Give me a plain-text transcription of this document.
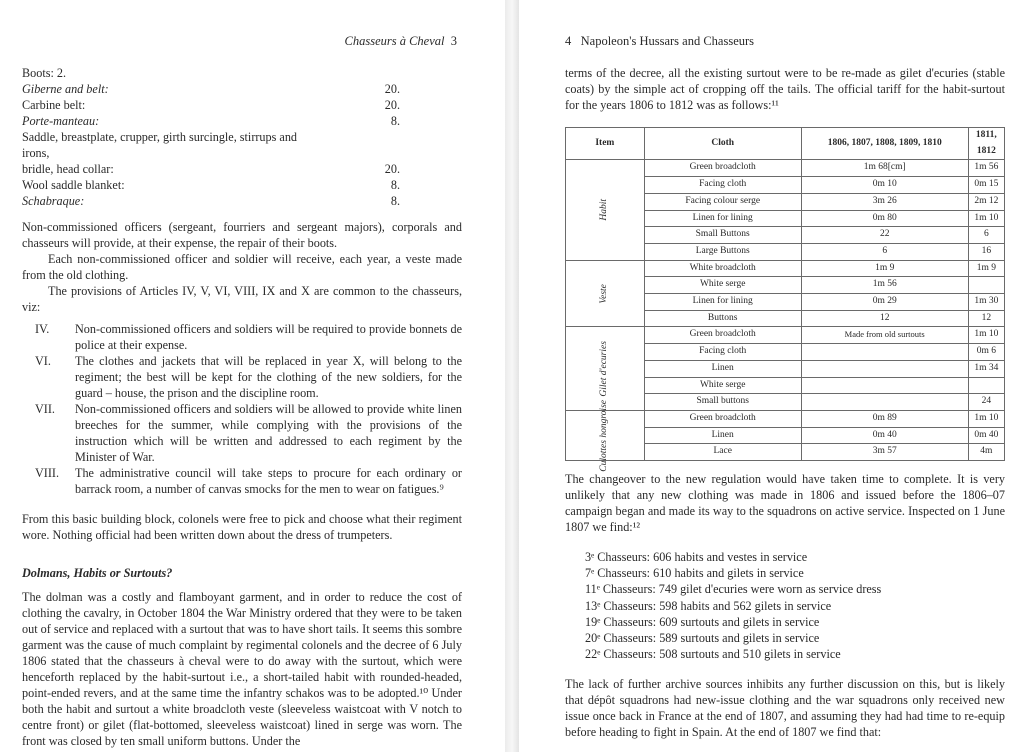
Chasseurs à Cheval 3
Boots: 2.
Giberne and belt:	20.
Carbine belt:	20.
Porte-manteau:	8.
Saddle, breastplate, crupper, girth surcingle, stirrups and irons,
bridle, head collar:	20.
Wool saddle blanket:	8.
Schabraque:	8.

Non-commissioned officers (sergeant, fourriers and sergeant majors), corporals and chasseurs will provide, at their expense, the repair of their boots.

Each non-commissioned officer and soldier will receive, each year, a veste made from the old clothing.

The provisions of Articles IV, V, VI, VIII, IX and X are common to the chasseurs, viz:

IV.	Non-commissioned officers and soldiers will be required to provide bonnets de police at their expense.
VI.	The clothes and jackets that will be replaced in year X, will belong to the regiment; the best will be kept for the clothing of the new soldiers, for the guard – house, the prison and the discipline room.
VII.	Non-commissioned officers and soldiers will be allowed to provide white linen breeches for the summer, while complying with the provisions of the instruction which will be written and addressed to each regiment by the Minister of War.
VIII.	The administrative council will take steps to procure for each ordinary or barrack room, a number of canvas smocks for the men to wear on fatigues.⁹

From this basic building block, colonels were free to pick and choose what their regiment wore. Nothing official had been written down about the dress of trumpeters.

Dolmans, Habits or Surtouts?

The dolman was a costly and flamboyant garment, and in order to reduce the cost of clothing the cavalry, in October 1804 the War Ministry ordered that they were to be taken out of service and replaced with a surtout that was to have short tails. It seems this sombre garment was the cause of much complaint by regimental colonels and the decree of 6 July 1806 stated that the chasseurs à cheval were to do away with the surtout, which were henceforth replaced by the habit-surtout i.e., a short-tailed habit with rounded-headed, point-ended revers, and at the same time the infantry schakos was to be adopted.¹⁰ Under both the habit and surtout a white broadcloth veste (sleeveless waistcoat with V notch to centre front) or gilet (flat-bottomed, sleeveless waistcoat) lined in serge was worn. The front was closed by ten small uniform buttons. Under the

4 Napoleon's Hussars and Chasseurs

terms of the decree, all the existing surtout were to be re-made as gilet d'ecuries (stable coats) by the simple act of cropping off the tails. The official tariff for the habit-surtout for the years 1806 to 1812 was as follows:¹¹

Item	Cloth	1806, 1807, 1808, 1809, 1810	1811, 1812
Habit	Green broadcloth	1m 68[cm]	1m 56
	Facing cloth	0m 10	0m 15
	Facing colour serge	3m 26	2m 12
	Linen for lining	0m 80	1m 10
	Small Buttons	22	6
	Large Buttons	6	16
Veste	White broadcloth	1m 9	1m 9
	White serge	1m 56	
	Linen for lining	0m 29	1m 30
	Buttons	12	12
Gilet d'ecuries	Green broadcloth	Made from old surtouts	1m 10
	Facing cloth		0m 6
	Linen		1m 34
	White serge		
	Small buttons		24
Culottes hongroise	Green broadcloth	0m 89	1m 10
	Linen	0m 40	0m 40
	Lace	3m 57	4m

The changeover to the new regulation would have taken time to complete. It is very unlikely that any new clothing was made in 1806 and issued before the 1806–07 campaign began and made its way to the squadrons on active service. Inspected on 1 June 1807 we find:¹²

3ᵉ Chasseurs: 606 habits and vestes in service
7ᵉ Chasseurs: 610 habits and gilets in service
11ᵉ Chasseurs: 749 gilet d'ecuries were worn as service dress
13ᵉ Chasseurs: 598 habits and 562 gilets in service
19ᵉ Chasseurs: 609 surtouts and gilets in service
20ᵉ Chasseurs: 589 surtouts and gilets in service
22ᵉ Chasseurs: 508 surtouts and 510 gilets in service

The lack of further archive sources inhibits any further discussion on this, but is likely that dépôt squadrons had new-issue clothing and the war squadrons only received new issue once back in France at the end of 1807, and assuming they had had time to re-equip before heading to fight in Spain. At the end of 1807 we find that:
